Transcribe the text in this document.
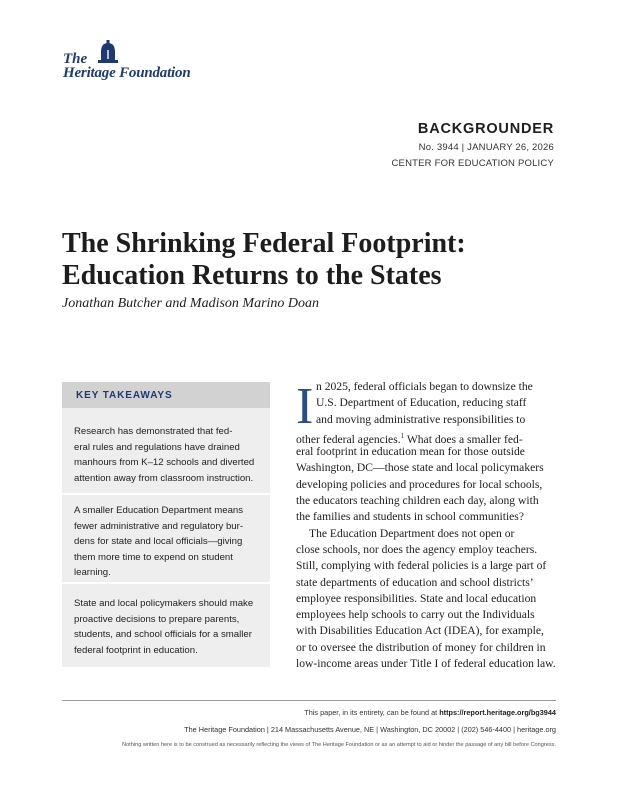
The
Heritage Foundation
BACKGROUNDER
No. 3944 | JANUARY 26, 2026
CENTER FOR EDUCATION POLICY
The Shrinking Federal Footprint:
Education Returns to the States
Jonathan Butcher and Madison Marino Doan
KEY TAKEAWAYS
Research has demonstrated that fed-
eral rules and regulations have drained
manhours from K–12 schools and diverted
attention away from classroom instruction.
A smaller Education Department means
fewer administrative and regulatory bur-
dens for state and local officials—giving
them more time to expend on student
learning.
State and local policymakers should make
proactive decisions to prepare parents,
students, and school officials for a smaller
federal footprint in education.
I n 2025, federal officials began to downsize the
U.S. Department of Education, reducing staff
and moving administrative responsibilities to
other federal agencies.$^1$ What does a smaller fed-
eral footprint in education mean for those outside
Washington, DC—those state and local policymakers
developing policies and procedures for local schools,
the educators teaching children each day, along with
the families and students in school communities?
The Education Department does not open or
close schools, nor does the agency employ teachers.
Still, complying with federal policies is a large part of
state departments of education and school districts’
employee responsibilities. State and local education
employees help schools to carry out the Individuals
with Disabilities Education Act (IDEA), for example,
or to oversee the distribution of money for children in
low-income areas under Title I of federal education law.
This paper, in its entirety, can be found at https://report.heritage.org/bg3944
The Heritage Foundation | 214 Massachusetts Avenue, NE | Washington, DC 20002 | (202) 546-4400 | heritage.org
Nothing written here is to be construed as necessarily reflecting the views of The Heritage Foundation or as an attempt to aid or hinder the passage of any bill before Congress.
